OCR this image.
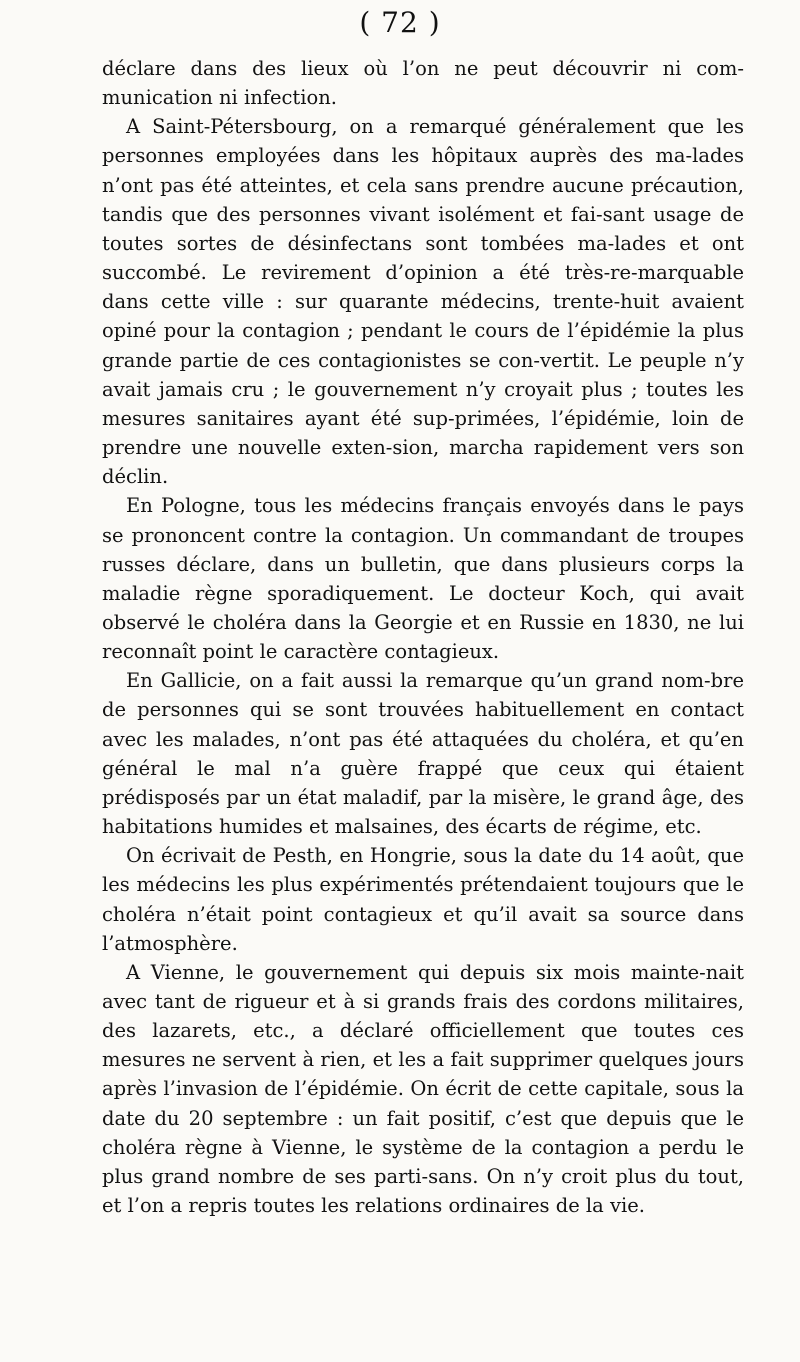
( 72 )

déclare dans des lieux où l’on ne peut découvrir ni com-munication ni infection.

A Saint-Pétersbourg, on a remarqué généralement que les personnes employées dans les hôpitaux auprès des ma-lades n’ont pas été atteintes, et cela sans prendre aucune précaution, tandis que des personnes vivant isolément et fai-sant usage de toutes sortes de désinfectans sont tombées ma-lades et ont succombé. Le revirement d’opinion a été très-re-marquable dans cette ville : sur quarante médecins, trente-huit avaient opiné pour la contagion ; pendant le cours de l’épidémie la plus grande partie de ces contagionistes se con-vertit. Le peuple n’y avait jamais cru ; le gouvernement n’y croyait plus ; toutes les mesures sanitaires ayant été sup-primées, l’épidémie, loin de prendre une nouvelle exten-sion, marcha rapidement vers son déclin.

En Pologne, tous les médecins français envoyés dans le pays se prononcent contre la contagion. Un commandant de troupes russes déclare, dans un bulletin, que dans plusieurs corps la maladie règne sporadiquement. Le docteur Koch, qui avait observé le choléra dans la Georgie et en Russie en 1830, ne lui reconnaît point le caractère contagieux.

En Gallicie, on a fait aussi la remarque qu’un grand nom-bre de personnes qui se sont trouvées habituellement en contact avec les malades, n’ont pas été attaquées du choléra, et qu’en général le mal n’a guère frappé que ceux qui étaient prédisposés par un état maladif, par la misère, le grand âge, des habitations humides et malsaines, des écarts de régime, etc.

On écrivait de Pesth, en Hongrie, sous la date du 14 août, que les médecins les plus expérimentés prétendaient toujours que le choléra n’était point contagieux et qu’il avait sa source dans l’atmosphère.

A Vienne, le gouvernement qui depuis six mois mainte-nait avec tant de rigueur et à si grands frais des cordons militaires, des lazarets, etc., a déclaré officiellement que toutes ces mesures ne servent à rien, et les a fait supprimer quelques jours après l’invasion de l’épidémie. On écrit de cette capitale, sous la date du 20 septembre : un fait positif, c’est que depuis que le choléra règne à Vienne, le système de la contagion a perdu le plus grand nombre de ses parti-sans. On n’y croit plus du tout, et l’on a repris toutes les relations ordinaires de la vie.
